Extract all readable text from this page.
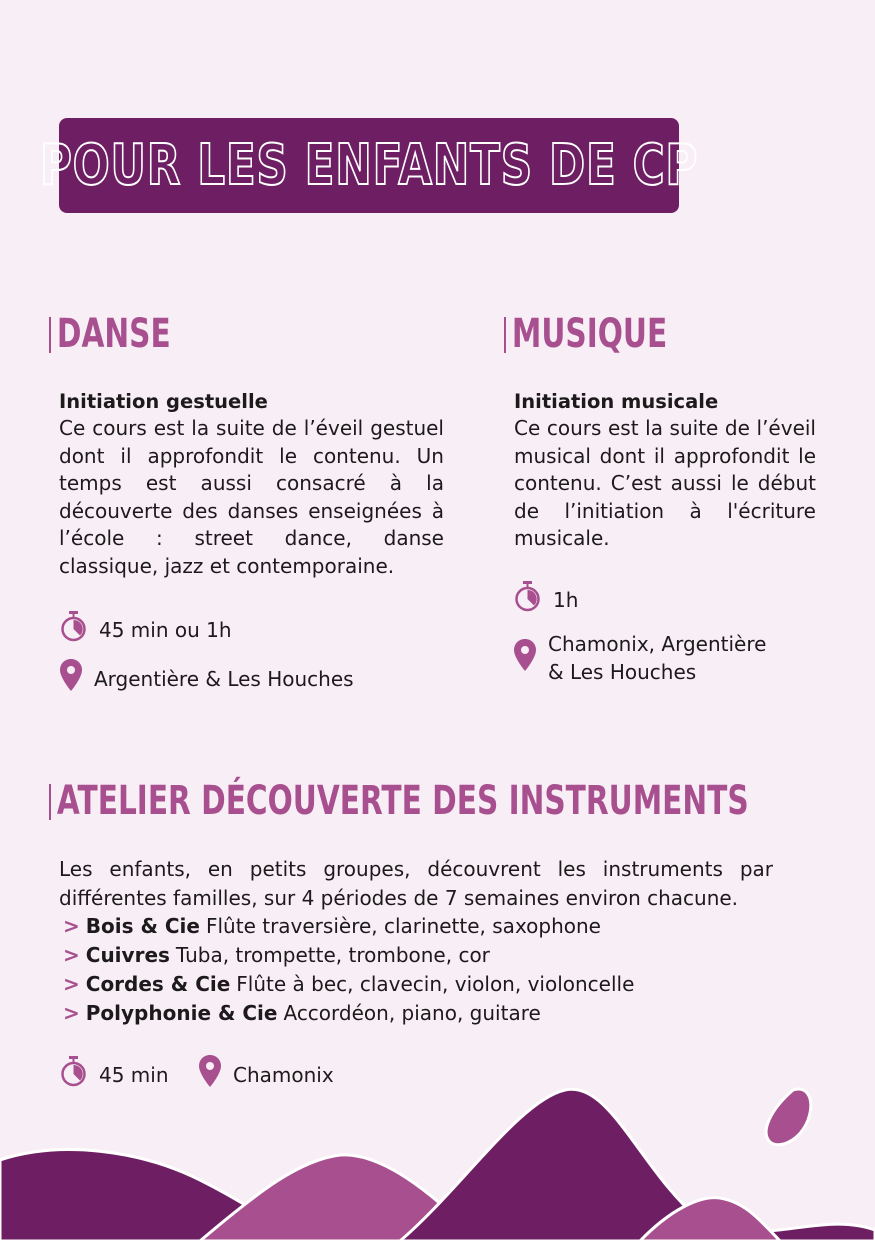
POUR LES ENFANTS DE CP
DANSE
Initiation gestuelle
Ce cours est la suite de l’éveil gestuel dont il approfondit le contenu. Un temps est aussi consacré à la découverte des danses enseignées à l’école : street dance, danse classique, jazz et contemporaine.
45 min ou 1h
Argentière & Les Houches
MUSIQUE
Initiation musicale
Ce cours est la suite de l’éveil musical dont il approfondit le contenu. C’est aussi le début de l’initiation à l'écriture musicale.
1h
Chamonix, Argentière
& Les Houches
ATELIER DÉCOUVERTE DES INSTRUMENTS
Les enfants, en petits groupes, découvrent les instruments par différentes familles, sur 4 périodes de 7 semaines environ chacune.
> Bois & Cie Flûte traversière, clarinette, saxophone
> Cuivres Tuba, trompette, trombone, cor
> Cordes & Cie Flûte à bec, clavecin, violon, violoncelle
> Polyphonie & Cie Accordéon, piano, guitare
45 min	Chamonix
